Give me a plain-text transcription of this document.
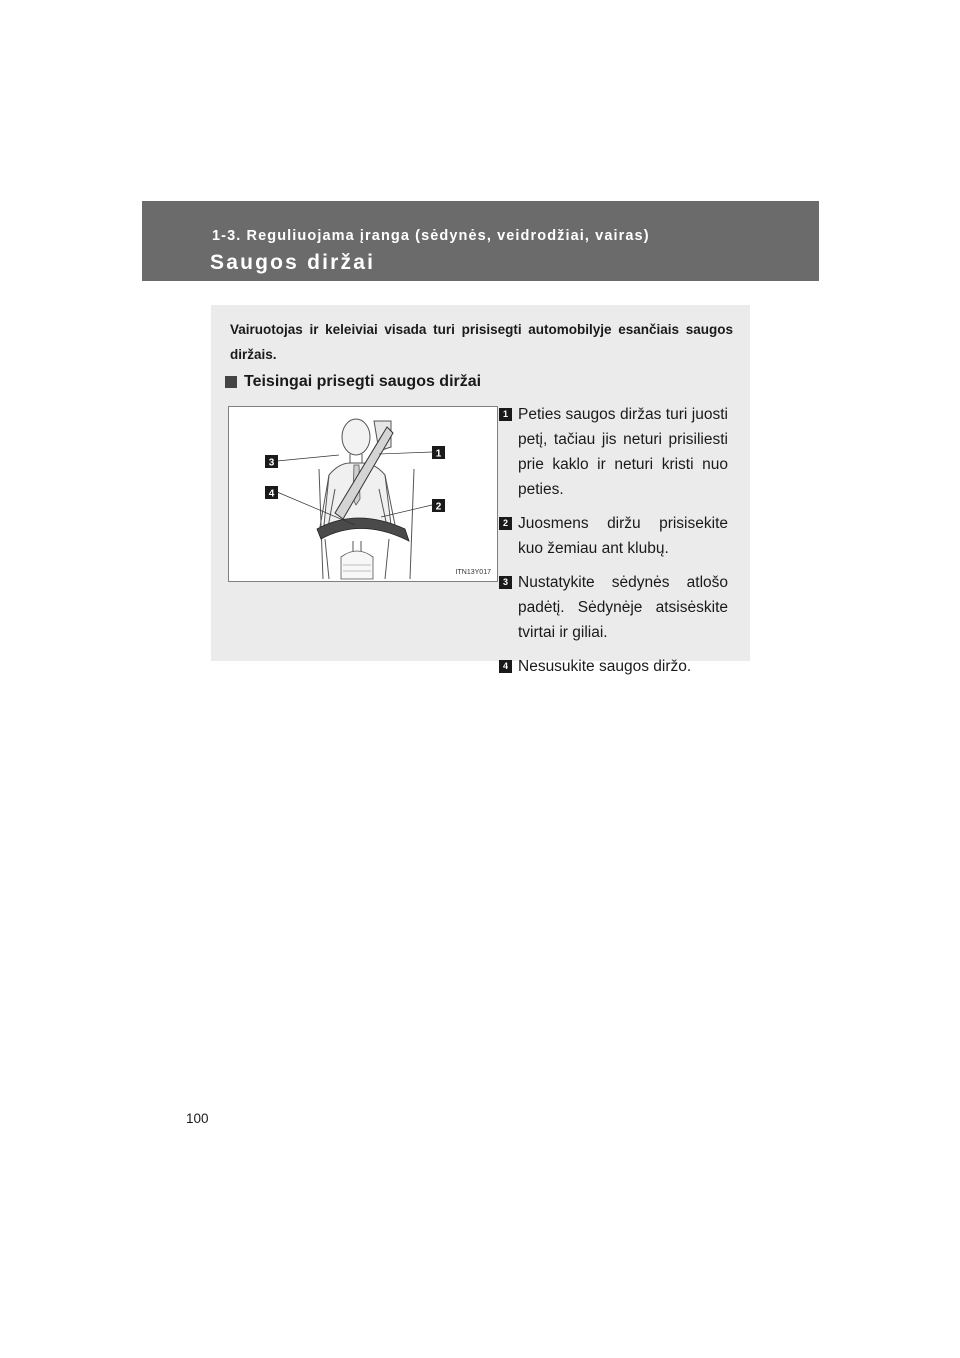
1-3. Reguliuojama įranga (sėdynės, veidrodžiai, vairas)
Saugos diržai

Vairuotojas ir keleiviai visada turi prisisegti automobilyje esančiais saugos diržais.

Teisingai prisegti saugos diržai
3
4
1
2
ITN13Y017
1 Peties saugos diržas turi juosti petį, tačiau jis neturi prisiliesti prie kaklo ir neturi kristi nuo peties.
2 Juosmens diržu prisisekite kuo žemiau ant klubų.
3 Nustatykite sėdynės atlošo padėtį. Sėdynėje atsisėskite tvirtai ir giliai.
4 Nesusukite saugos diržo.
100
